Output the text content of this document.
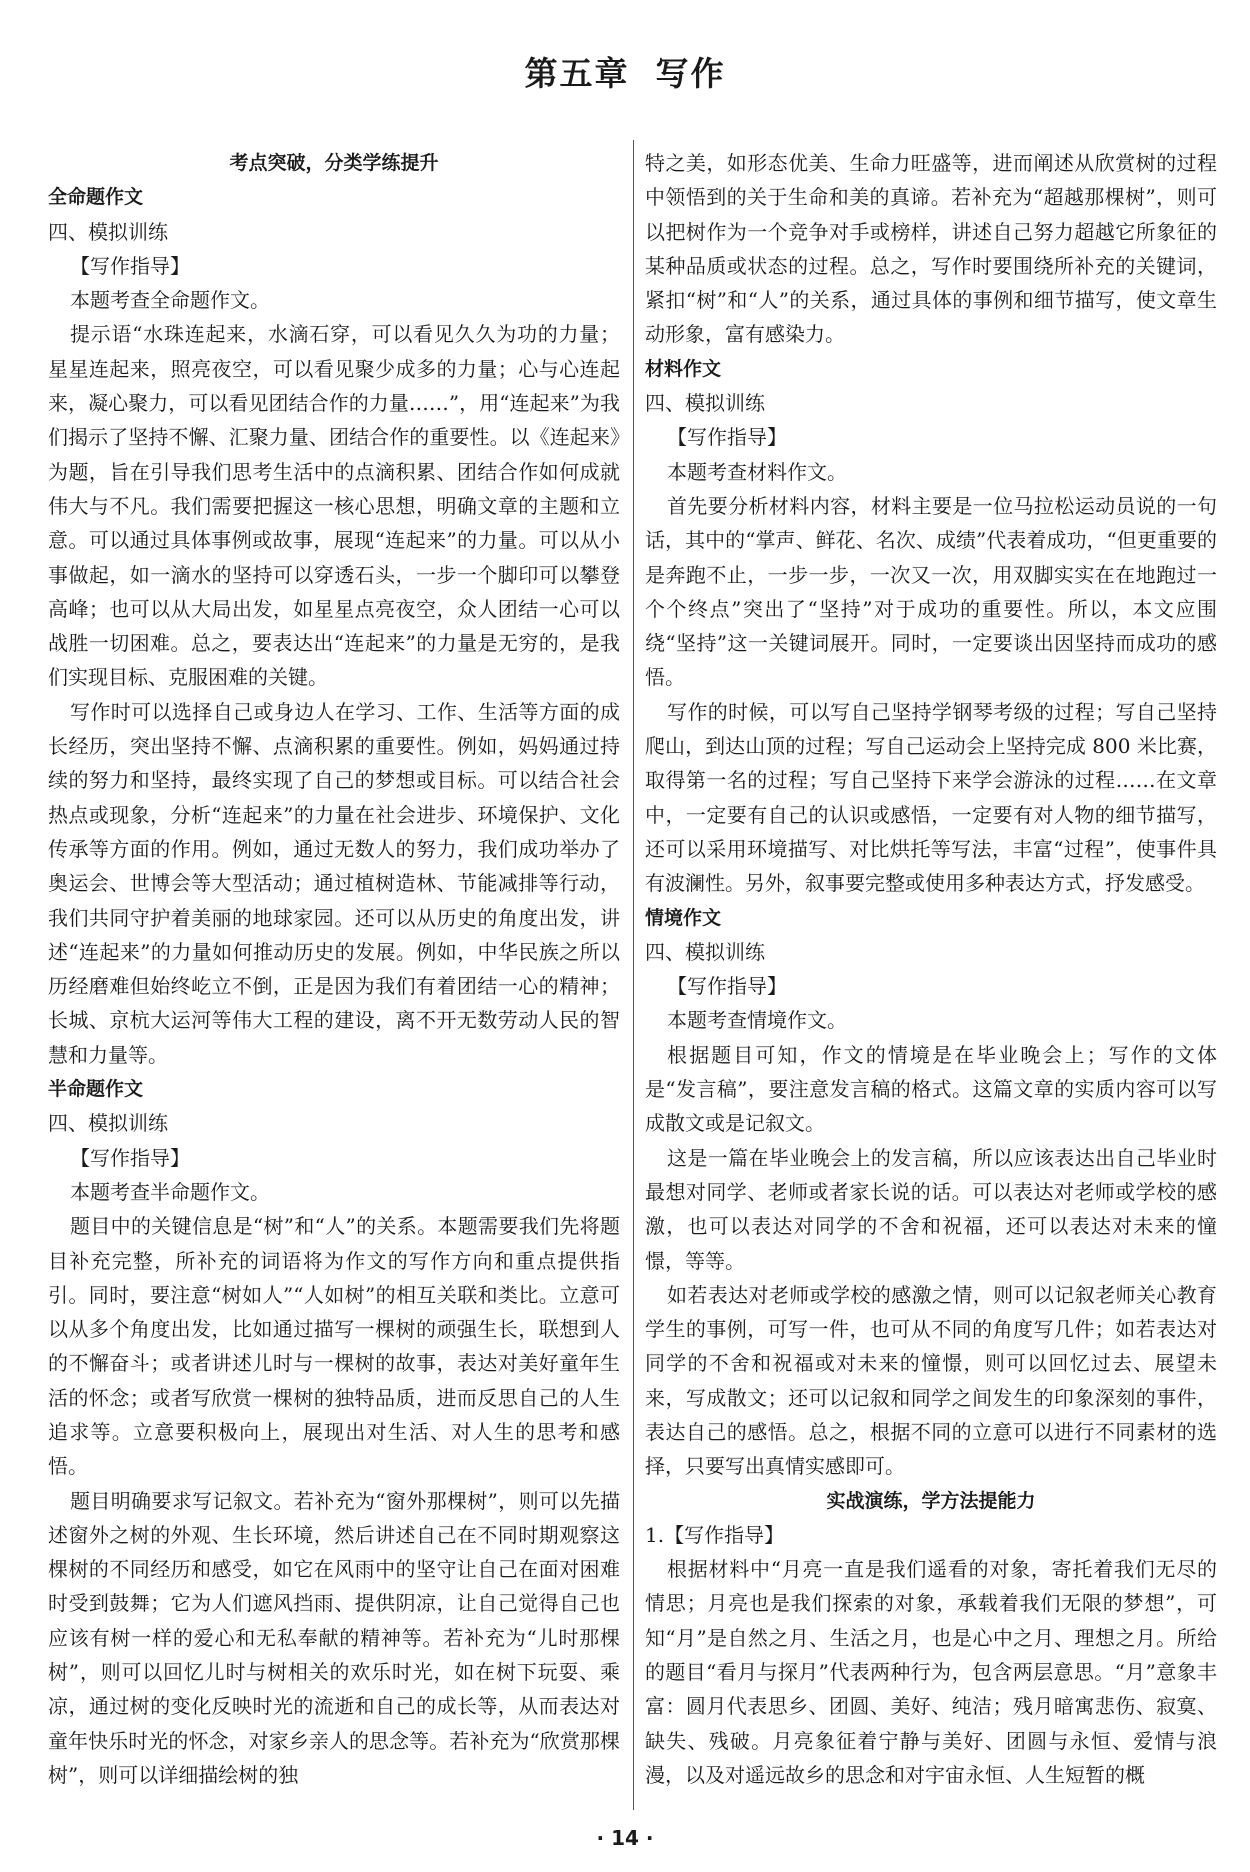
第五章 写作

考点突破，分类学练提升

全命题作文

四、模拟训练

【写作指导】

本题考查全命题作文。

提示语“水珠连起来，水滴石穿，可以看见久久为功的力量；星星连起来，照亮夜空，可以看见聚少成多的力量；心与心连起来，凝心聚力，可以看见团结合作的力量……”，用“连起来”为我们揭示了坚持不懈、汇聚力量、团结合作的重要性。以《连起来》为题，旨在引导我们思考生活中的点滴积累、团结合作如何成就伟大与不凡。我们需要把握这一核心思想，明确文章的主题和立意。可以通过具体事例或故事，展现“连起来”的力量。可以从小事做起，如一滴水的坚持可以穿透石头，一步一个脚印可以攀登高峰；也可以从大局出发，如星星点亮夜空，众人团结一心可以战胜一切困难。总之，要表达出“连起来”的力量是无穷的，是我们实现目标、克服困难的关键。

写作时可以选择自己或身边人在学习、工作、生活等方面的成长经历，突出坚持不懈、点滴积累的重要性。例如，妈妈通过持续的努力和坚持，最终实现了自己的梦想或目标。可以结合社会热点或现象，分析“连起来”的力量在社会进步、环境保护、文化传承等方面的作用。例如，通过无数人的努力，我们成功举办了奥运会、世博会等大型活动；通过植树造林、节能减排等行动，我们共同守护着美丽的地球家园。还可以从历史的角度出发，讲述“连起来”的力量如何推动历史的发展。例如，中华民族之所以历经磨难但始终屹立不倒，正是因为我们有着团结一心的精神；长城、京杭大运河等伟大工程的建设，离不开无数劳动人民的智慧和力量等。

半命题作文

四、模拟训练

【写作指导】

本题考查半命题作文。

题目中的关键信息是“树”和“人”的关系。本题需要我们先将题目补充完整，所补充的词语将为作文的写作方向和重点提供指引。同时，要注意“树如人”“人如树”的相互关联和类比。立意可以从多个角度出发，比如通过描写一棵树的顽强生长，联想到人的不懈奋斗；或者讲述儿时与一棵树的故事，表达对美好童年生活的怀念；或者写欣赏一棵树的独特品质，进而反思自己的人生追求等。立意要积极向上，展现出对生活、对人生的思考和感悟。

题目明确要求写记叙文。若补充为“窗外那棵树”，则可以先描述窗外之树的外观、生长环境，然后讲述自己在不同时期观察这棵树的不同经历和感受，如它在风雨中的坚守让自己在面对困难时受到鼓舞；它为人们遮风挡雨、提供阴凉，让自己觉得自己也应该有树一样的爱心和无私奉献的精神等。若补充为“儿时那棵树”，则可以回忆儿时与树相关的欢乐时光，如在树下玩耍、乘凉，通过树的变化反映时光的流逝和自己的成长等，从而表达对童年快乐时光的怀念，对家乡亲人的思念等。若补充为“欣赏那棵树”，则可以详细描绘树的独

特之美，如形态优美、生命力旺盛等，进而阐述从欣赏树的过程中领悟到的关于生命和美的真谛。若补充为“超越那棵树”，则可以把树作为一个竞争对手或榜样，讲述自己努力超越它所象征的某种品质或状态的过程。总之，写作时要围绕所补充的关键词，紧扣“树”和“人”的关系，通过具体的事例和细节描写，使文章生动形象，富有感染力。

材料作文

四、模拟训练

【写作指导】

本题考查材料作文。

首先要分析材料内容，材料主要是一位马拉松运动员说的一句话，其中的“掌声、鲜花、名次、成绩”代表着成功，“但更重要的是奔跑不止，一步一步，一次又一次，用双脚实实在在地跑过一个个终点”突出了“坚持”对于成功的重要性。所以，本文应围绕“坚持”这一关键词展开。同时，一定要谈出因坚持而成功的感悟。

写作的时候，可以写自己坚持学钢琴考级的过程；写自己坚持爬山，到达山顶的过程；写自己运动会上坚持完成 800 米比赛，取得第一名的过程；写自己坚持下来学会游泳的过程……在文章中，一定要有自己的认识或感悟，一定要有对人物的细节描写，还可以采用环境描写、对比烘托等写法，丰富“过程”，使事件具有波澜性。另外，叙事要完整或使用多种表达方式，抒发感受。

情境作文

四、模拟训练

【写作指导】

本题考查情境作文。

根据题目可知，作文的情境是在毕业晚会上；写作的文体是“发言稿”，要注意发言稿的格式。这篇文章的实质内容可以写成散文或是记叙文。

这是一篇在毕业晚会上的发言稿，所以应该表达出自己毕业时最想对同学、老师或者家长说的话。可以表达对老师或学校的感激，也可以表达对同学的不舍和祝福，还可以表达对未来的憧憬，等等。

如若表达对老师或学校的感激之情，则可以记叙老师关心教育学生的事例，可写一件，也可从不同的角度写几件；如若表达对同学的不舍和祝福或对未来的憧憬，则可以回忆过去、展望未来，写成散文；还可以记叙和同学之间发生的印象深刻的事件，表达自己的感悟。总之，根据不同的立意可以进行不同素材的选择，只要写出真情实感即可。

实战演练，学方法提能力

1.【写作指导】

根据材料中“月亮一直是我们遥看的对象，寄托着我们无尽的情思；月亮也是我们探索的对象，承载着我们无限的梦想”，可知“月”是自然之月、生活之月，也是心中之月、理想之月。所给的题目“看月与探月”代表两种行为，包含两层意思。“月”意象丰富：圆月代表思乡、团圆、美好、纯洁；残月暗寓悲伤、寂寞、缺失、残破。月亮象征着宁静与美好、团圆与永恒、爱情与浪漫，以及对遥远故乡的思念和对宇宙永恒、人生短暂的概

· 14 ·
